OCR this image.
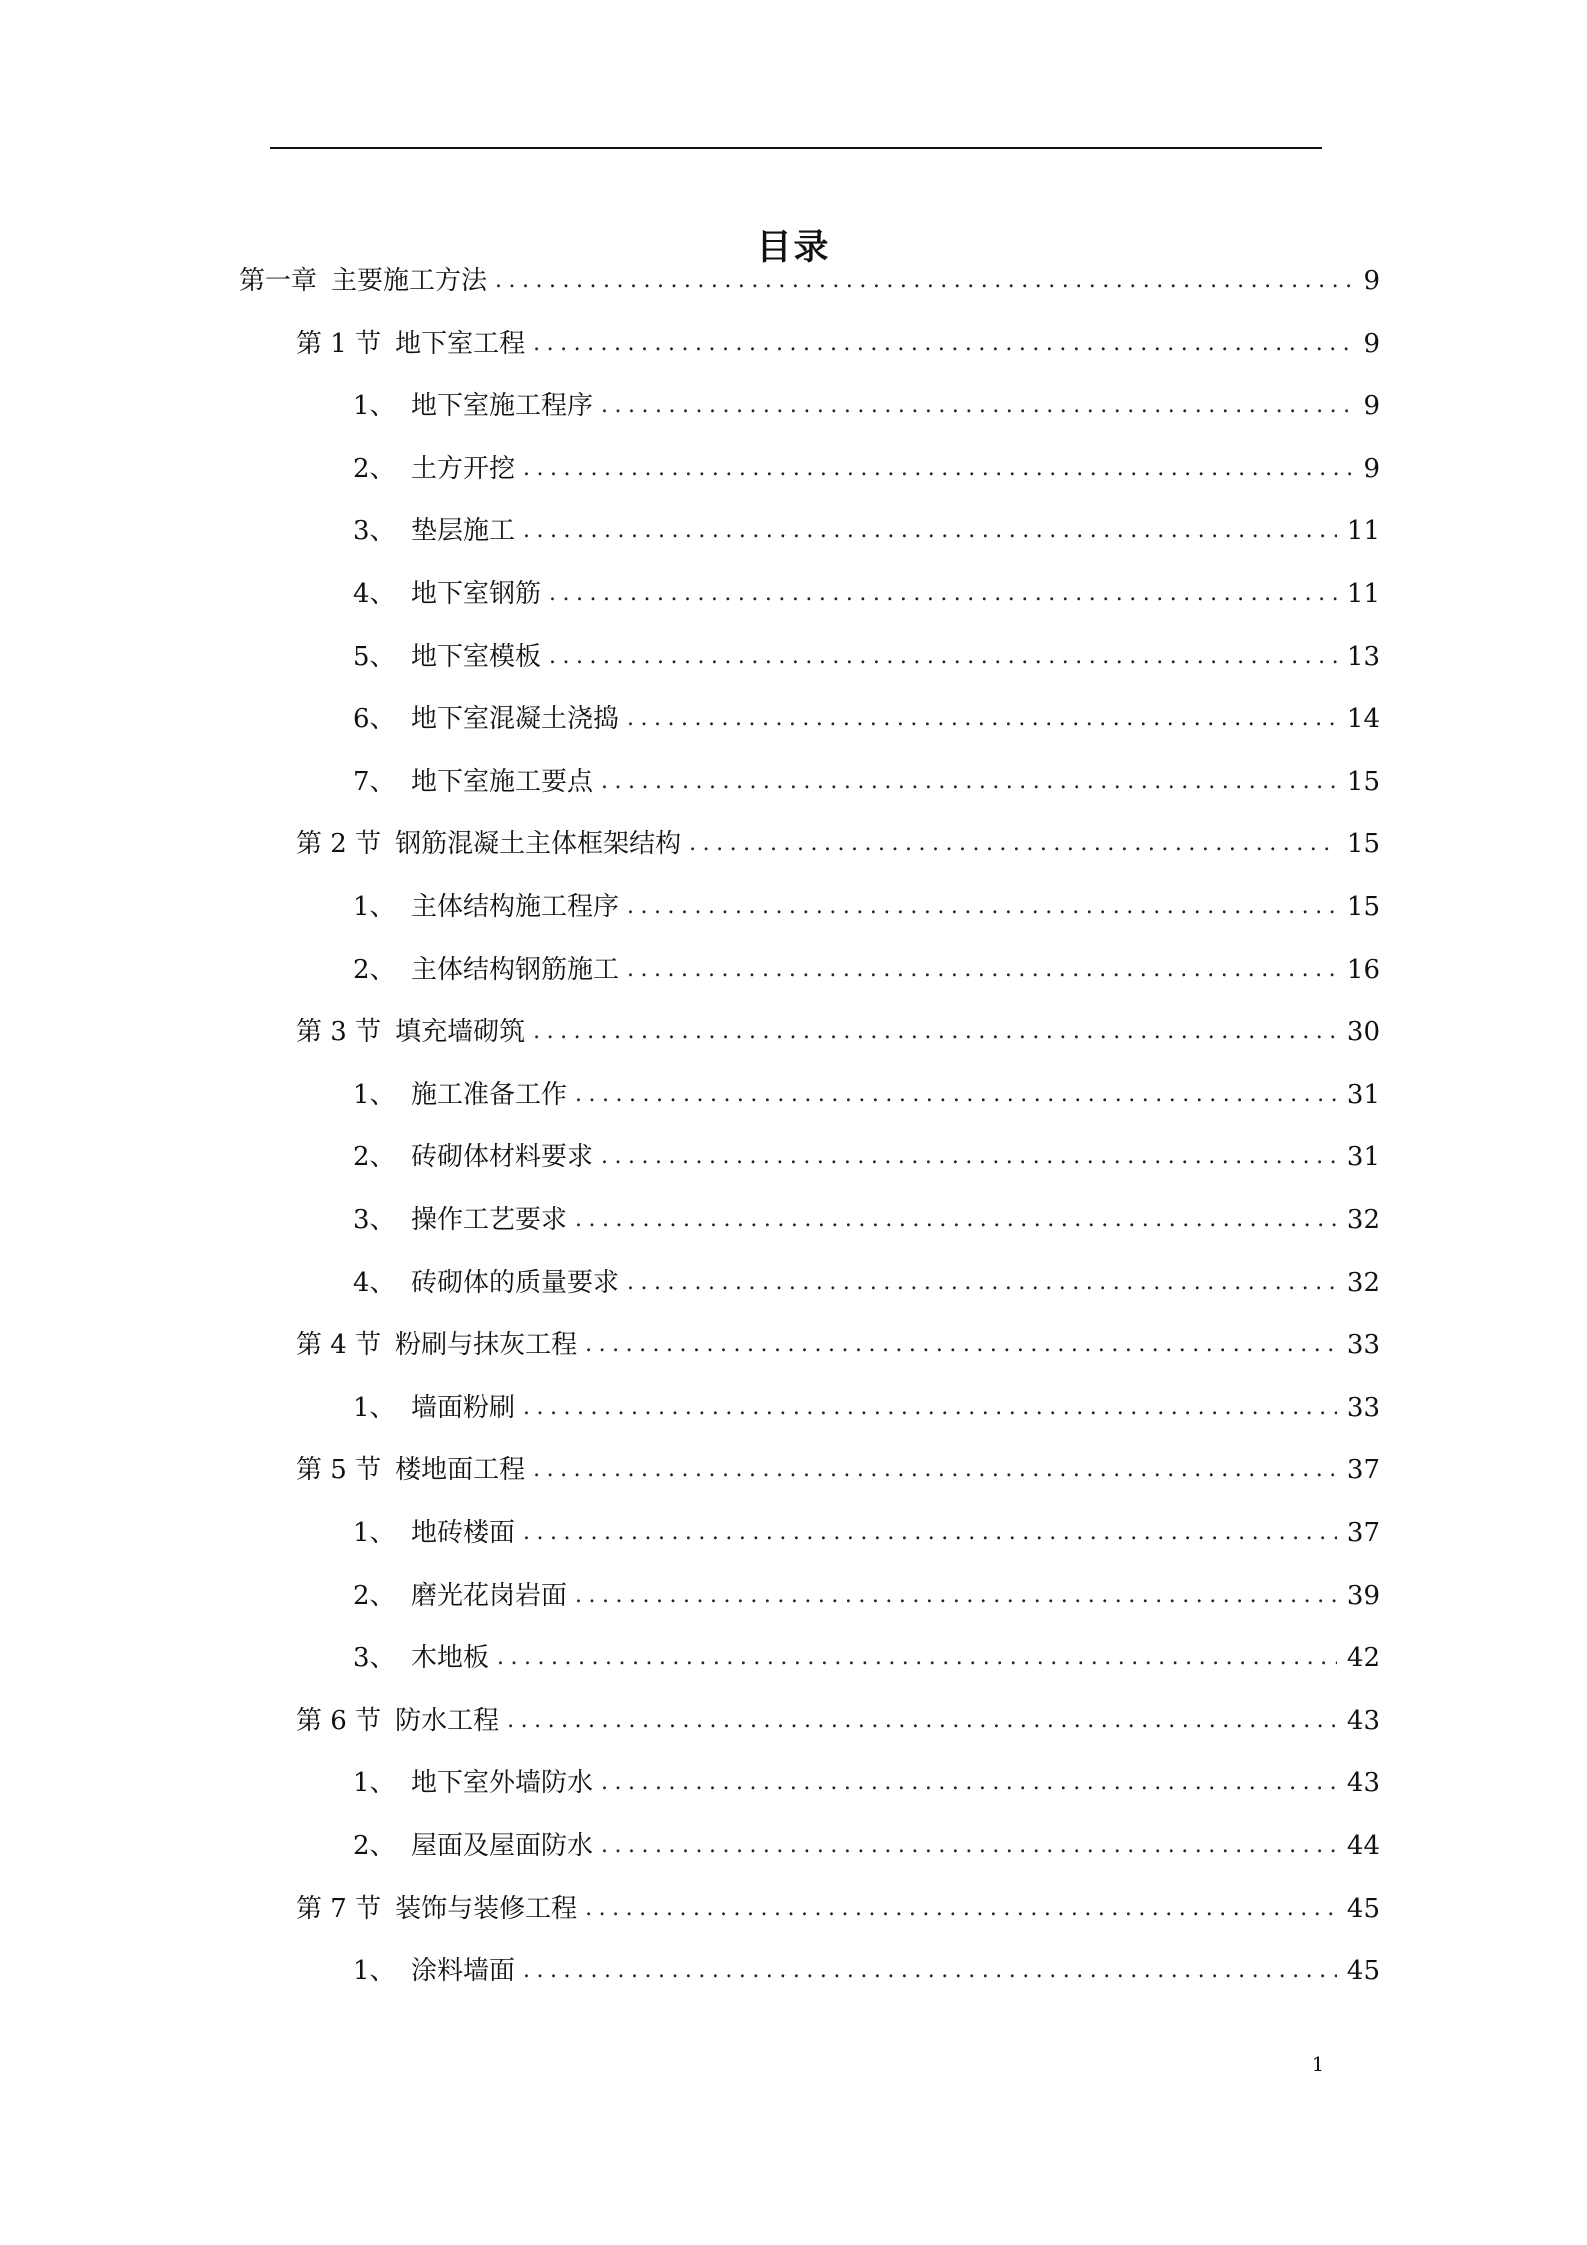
目录
第一章 主要施工方法 .....	9
第 1 节 地下室工程 .....	9
1、 地下室施工程序 .....	9
2、 土方开挖 .....	9
3、 垫层施工 .....	11
4、 地下室钢筋 .....	11
5、 地下室模板 .....	13
6、 地下室混凝土浇捣 .....	14
7、 地下室施工要点 .....	15
第 2 节 钢筋混凝土主体框架结构 .....	15
1、 主体结构施工程序 .....	15
2、 主体结构钢筋施工 .....	16
第 3 节 填充墙砌筑 .....	30
1、 施工准备工作 .....	31
2、 砖砌体材料要求 .....	31
3、 操作工艺要求 .....	32
4、 砖砌体的质量要求 .....	32
第 4 节 粉刷与抹灰工程 .....	33
1、 墙面粉刷 .....	33
第 5 节 楼地面工程 .....	37
1、 地砖楼面 .....	37
2、 磨光花岗岩面 .....	39
3、 木地板 .....	42
第 6 节 防水工程 .....	43
1、 地下室外墙防水 .....	43
2、 屋面及屋面防水 .....	44
第 7 节 装饰与装修工程 .....	45
1、 涂料墙面 .....	45
1
